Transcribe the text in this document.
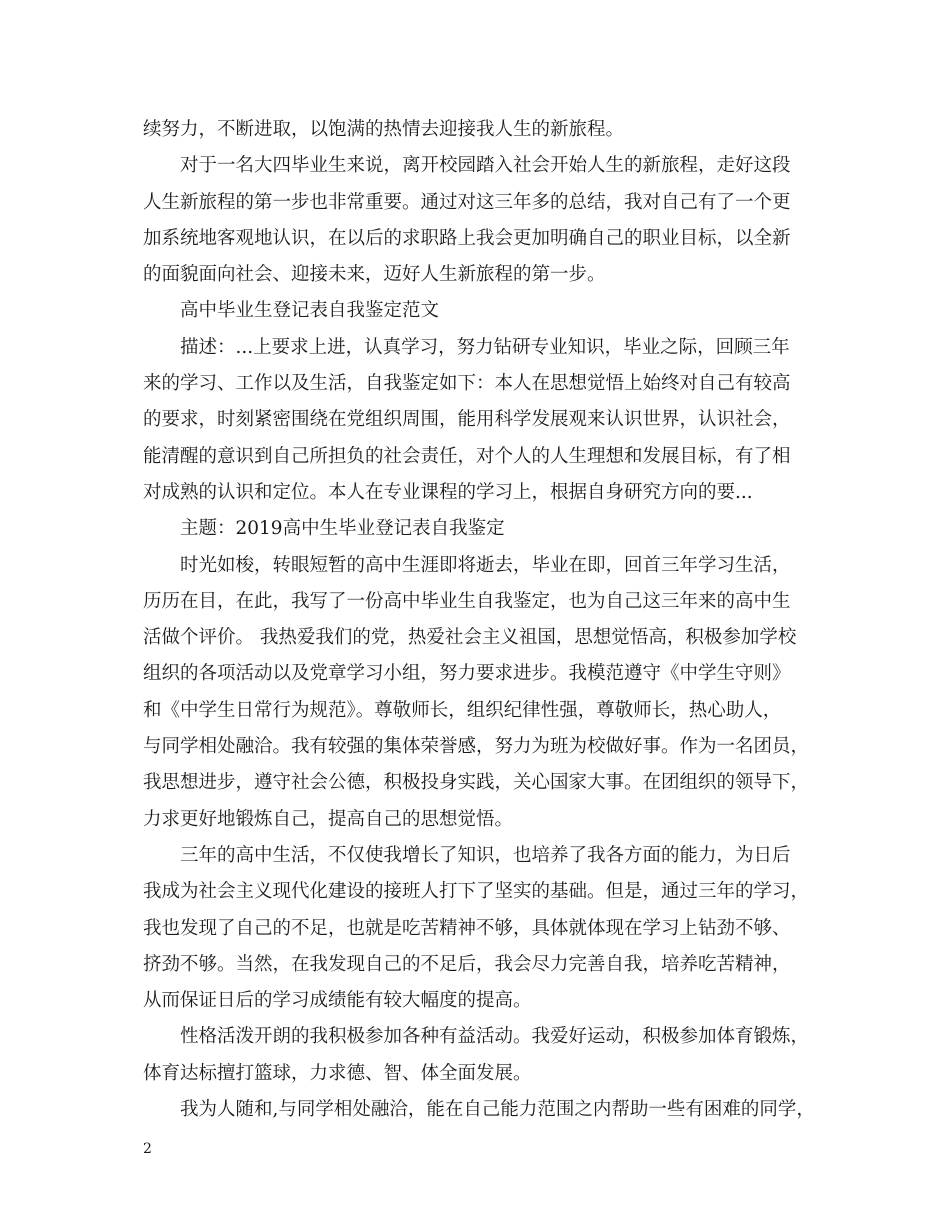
续努力，不断进取，以饱满的热情去迎接我人生的新旅程。
对于一名大四毕业生来说，离开校园踏入社会开始人生的新旅程，走好这段
人生新旅程的第一步也非常重要。通过对这三年多的总结，我对自己有了一个更
加系统地客观地认识，在以后的求职路上我会更加明确自己的职业目标，以全新
的面貌面向社会、迎接未来，迈好人生新旅程的第一步。
高中毕业生登记表自我鉴定范文
描述：...上要求上进，认真学习，努力钻研专业知识，毕业之际，回顾三年
来的学习、工作以及生活，自我鉴定如下：本人在思想觉悟上始终对自己有较高
的要求，时刻紧密围绕在党组织周围，能用科学发展观来认识世界，认识社会，
能清醒的意识到自己所担负的社会责任，对个人的人生理想和发展目标，有了相
对成熟的认识和定位。本人在专业课程的学习上，根据自身研究方向的要...
主题：2019高中生毕业登记表自我鉴定
时光如梭，转眼短暂的高中生涯即将逝去，毕业在即，回首三年学习生活，
历历在目，在此，我写了一份高中毕业生自我鉴定，也为自己这三年来的高中生
活做个评价。 我热爱我们的党，热爱社会主义祖国，思想觉悟高，积极参加学校
组织的各项活动以及党章学习小组，努力要求进步。我模范遵守《中学生守则》
和《中学生日常行为规范》。尊敬师长，组织纪律性强，尊敬师长，热心助人，
与同学相处融洽。我有较强的集体荣誉感，努力为班为校做好事。作为一名团员，
我思想进步，遵守社会公德，积极投身实践，关心国家大事。在团组织的领导下，
力求更好地锻炼自己，提高自己的思想觉悟。
三年的高中生活，不仅使我增长了知识，也培养了我各方面的能力，为日后
我成为社会主义现代化建设的接班人打下了坚实的基础。但是，通过三年的学习，
我也发现了自己的不足，也就是吃苦精神不够，具体就体现在学习上钻劲不够、
挤劲不够。当然，在我发现自己的不足后，我会尽力完善自我，培养吃苦精神，
从而保证日后的学习成绩能有较大幅度的提高。
性格活泼开朗的我积极参加各种有益活动。我爱好运动，积极参加体育锻炼，
体育达标擅打篮球，力求德、智、体全面发展。
我为人随和,与同学相处融洽，能在自己能力范围之内帮助一些有困难的同学，
2
